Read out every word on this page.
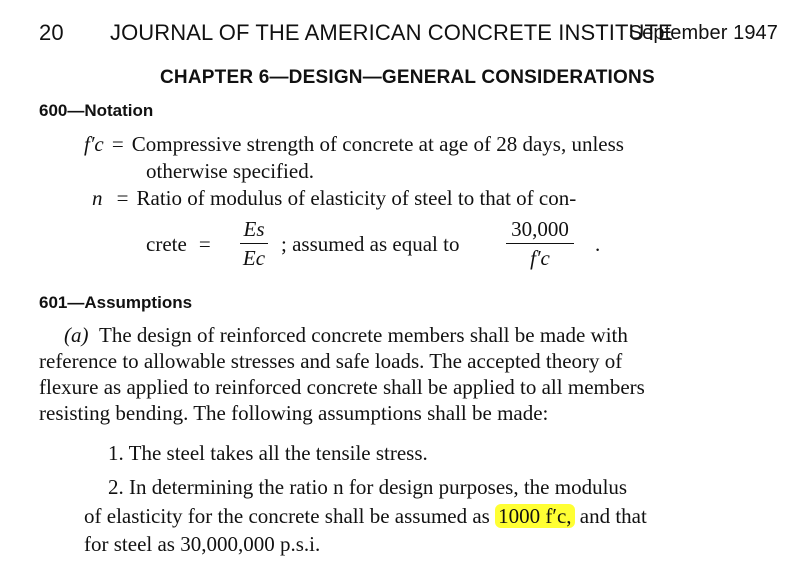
20 JOURNAL OF THE AMERICAN CONCRETE INSTITUTE
September 1947
CHAPTER 6—DESIGN—GENERAL CONSIDERATIONS
600—Notation
f′c = Compressive strength of concrete at age of 28 days, unless
otherwise specified.
n = Ratio of modulus of elasticity of steel to that of con-
crete =
Es
Ec
; assumed as equal to
30,000
f′c
.
601—Assumptions
(a) The design of reinforced concrete members shall be made with
reference to allowable stresses and safe loads. The accepted theory of
flexure as applied to reinforced concrete shall be applied to all members
resisting bending. The following assumptions shall be made:
1. The steel takes all the tensile stress.
2. In determining the ratio n for design purposes, the modulus
of elasticity for the concrete shall be assumed as 1000 f′c, and that
for steel as 30,000,000 p.s.i.
